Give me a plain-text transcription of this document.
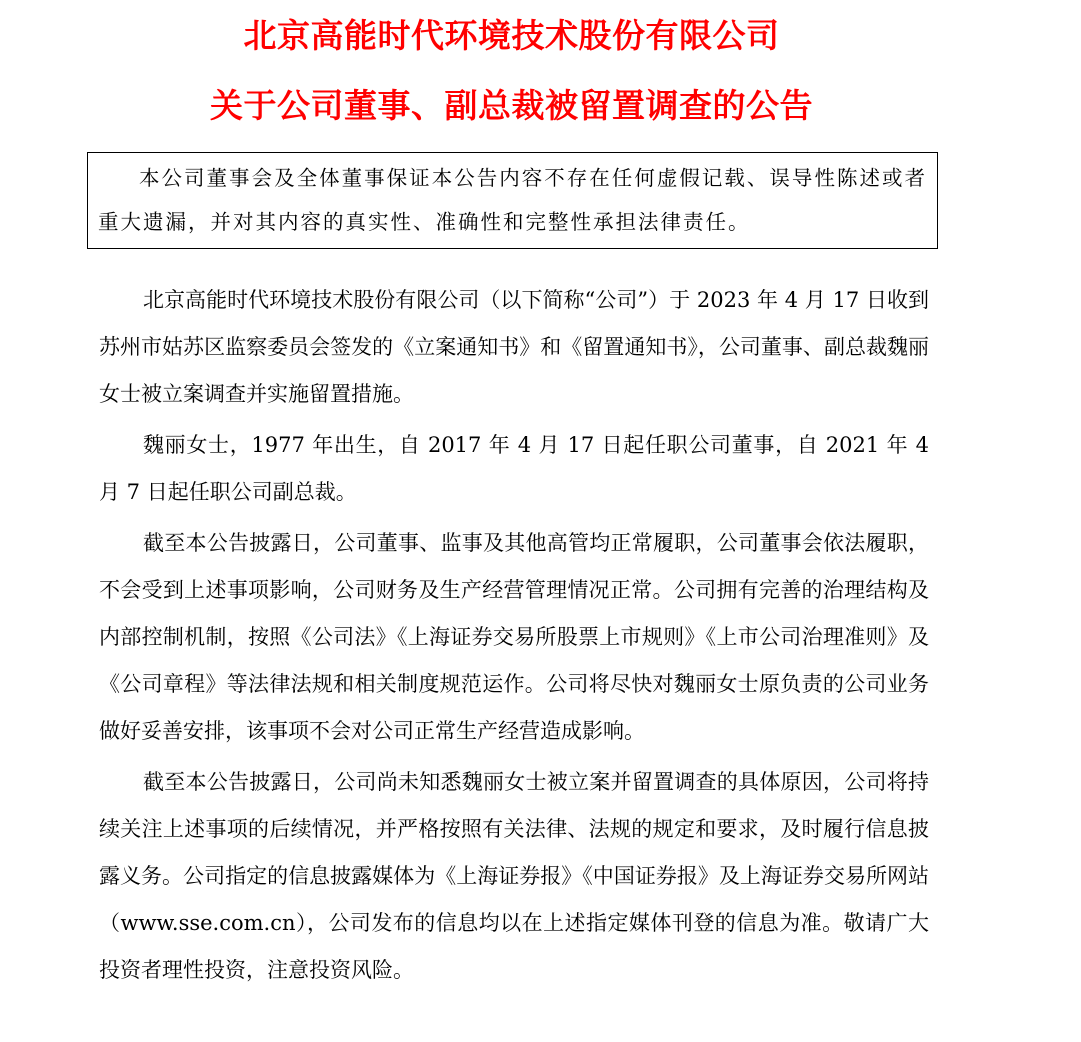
北京高能时代环境技术股份有限公司
关于公司董事、副总裁被留置调查的公告

本公司董事会及全体董事保证本公告内容不存在任何虚假记载、误导性陈述或者重大遗漏，并对其内容的真实性、准确性和完整性承担法律责任。

北京高能时代环境技术股份有限公司（以下简称“公司”）于 2023 年 4 月 17 日收到苏州市姑苏区监察委员会签发的《立案通知书》和《留置通知书》，公司董事、副总裁魏丽女士被立案调查并实施留置措施。

魏丽女士，1977 年出生，自 2017 年 4 月 17 日起任职公司董事，自 2021 年 4 月 7 日起任职公司副总裁。

截至本公告披露日，公司董事、监事及其他高管均正常履职，公司董事会依法履职，不会受到上述事项影响，公司财务及生产经营管理情况正常。公司拥有完善的治理结构及内部控制机制，按照《公司法》《上海证券交易所股票上市规则》《上市公司治理准则》及《公司章程》等法律法规和相关制度规范运作。公司将尽快对魏丽女士原负责的公司业务做好妥善安排，该事项不会对公司正常生产经营造成影响。

截至本公告披露日，公司尚未知悉魏丽女士被立案并留置调查的具体原因，公司将持续关注上述事项的后续情况，并严格按照有关法律、法规的规定和要求，及时履行信息披露义务。公司指定的信息披露媒体为《上海证券报》《中国证券报》及上海证券交易所网站（www.sse.com.cn），公司发布的信息均以在上述指定媒体刊登的信息为准。敬请广大投资者理性投资，注意投资风险。
